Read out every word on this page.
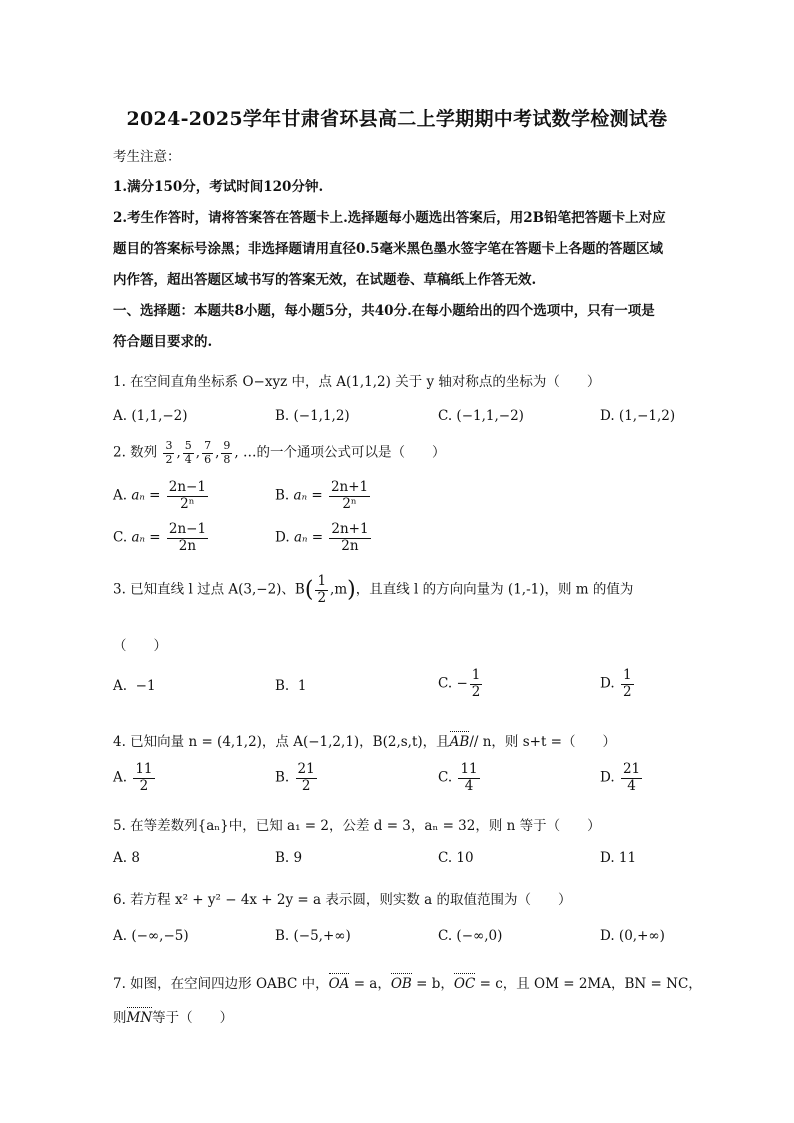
2024-2025学年甘肃省环县高二上学期期中考试数学检测试卷
考生注意：
1.满分150分，考试时间120分钟.
2.考生作答时，请将答案答在答题卡上.选择题每小题选出答案后，用2B铅笔把答题卡上对应
题目的答案标号涂黑；非选择题请用直径0.5毫米黑色墨水签字笔在答题卡上各题的答题区域
内作答，超出答题区域书写的答案无效，在试题卷、草稿纸上作答无效.
一、选择题：本题共8小题，每小题5分，共40分.在每小题给出的四个选项中，只有一项是
符合题目要求的.
1. 在空间直角坐标系 O−xyz 中，点 A(1,1,2) 关于 y 轴对称点的坐标为（　　）
A. (1,1,−2)	B. (−1,1,2)	C. (−1,1,−2)	D. (1,−1,2)
2. 数列 $\frac{3}{2}$ , $\frac{5}{4}$ , $\frac{7}{6}$ , $\frac{9}{8}$ , …的一个通项公式可以是（　　）
A. $a_n = \frac{2n-1}{\text{2ⁿ}}$	B. $a_n = \frac{2n+1}{\text{2ⁿ}}$
C. $a_n = \frac{2n-1}{2n}$	D. $a_n = \frac{2n+1}{2n}$
3. 已知直线 l 过点 A(3,−2)、$B( \frac{1}{2} ,m)$，且直线 l 的方向向量为 (1,-1)，则 m 的值为
（　　）
A. −1	B. 1	C. − $\frac{1}{2}$	D. $\frac{1}{2}$
4. 已知向量 n = (4,1,2)，点 A(−1,2,1)，B(2,s,t)，且AB// n，则 s+t =（　　）
A. $\frac{11}{2}$	B. $\frac{21}{2}$	C. $\frac{11}{4}$	D. $\frac{21}{4}$
5. 在等差数列{aₙ}中，已知 a₁ = 2，公差 d = 3，aₙ = 32，则 n 等于（　　）
A. 8	B. 9	C. 10	D. 11
6. 若方程 x² + y² − 4x + 2y = a 表示圆，则实数 a 的取值范围为（　　）
A. (−∞,−5)	B. (−5,+∞)	C. (−∞,0)	D. (0,+∞)
7. 如图，在空间四边形 OABC 中，OA = a，OB = b，OC = c，且 OM = 2MA，BN = NC，
则MN等于（　　）
